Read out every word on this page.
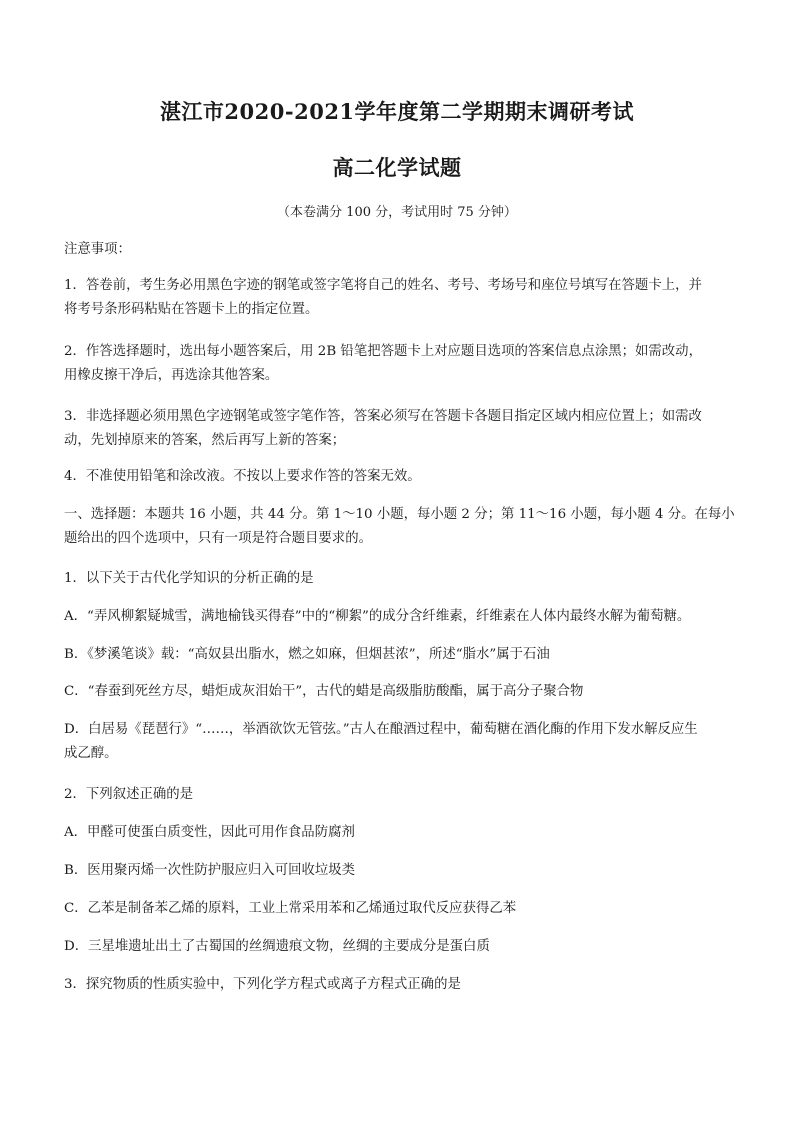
湛江市2020-2021学年度第二学期期末调研考试
高二化学试题
（本卷满分 100 分，考试用时 75 分钟）
注意事项：
1．答卷前，考生务必用黑色字迹的钢笔或签字笔将自己的姓名、考号、考场号和座位号填写在答题卡上，并
将考号条形码粘贴在答题卡上的指定位置。
2．作答选择题时，选出每小题答案后，用 2B 铅笔把答题卡上对应题目选项的答案信息点涂黑；如需改动，
用橡皮擦干净后，再选涂其他答案。
3．非选择题必须用黑色字迹钢笔或签字笔作答，答案必须写在答题卡各题目指定区域内相应位置上；如需改
动，先划掉原来的答案，然后再写上新的答案；
4．不准使用铅笔和涂改液。不按以上要求作答的答案无效。
一、选择题：本题共 16 小题，共 44 分。第 1～10 小题，每小题 2 分；第 11～16 小题，每小题 4 分。在每小
题给出的四个选项中，只有一项是符合题目要求的。
1．以下关于古代化学知识的分析正确的是
A．“弄风柳絮疑城雪，满地榆钱买得春”中的“柳絮”的成分含纤维素，纤维素在人体内最终水解为葡萄糖。
B．《梦溪笔谈》载：“高奴县出脂水，燃之如麻，但烟甚浓”，所述“脂水”属于石油
C．“春蚕到死丝方尽，蜡炬成灰泪始干”，古代的蜡是高级脂肪酸酯，属于高分子聚合物
D．白居易《琵琶行》“……，举酒欲饮无管弦。”古人在酿酒过程中，葡萄糖在酒化酶的作用下发水解反应生
成乙醇。
2．下列叙述正确的是
A．甲醛可使蛋白质变性，因此可用作食品防腐剂
B．医用聚丙烯一次性防护服应归入可回收垃圾类
C．乙苯是制备苯乙烯的原料，工业上常采用苯和乙烯通过取代反应获得乙苯
D．三星堆遗址出土了古蜀国的丝绸遗痕文物，丝绸的主要成分是蛋白质
3．探究物质的性质实验中，下列化学方程式或离子方程式正确的是
